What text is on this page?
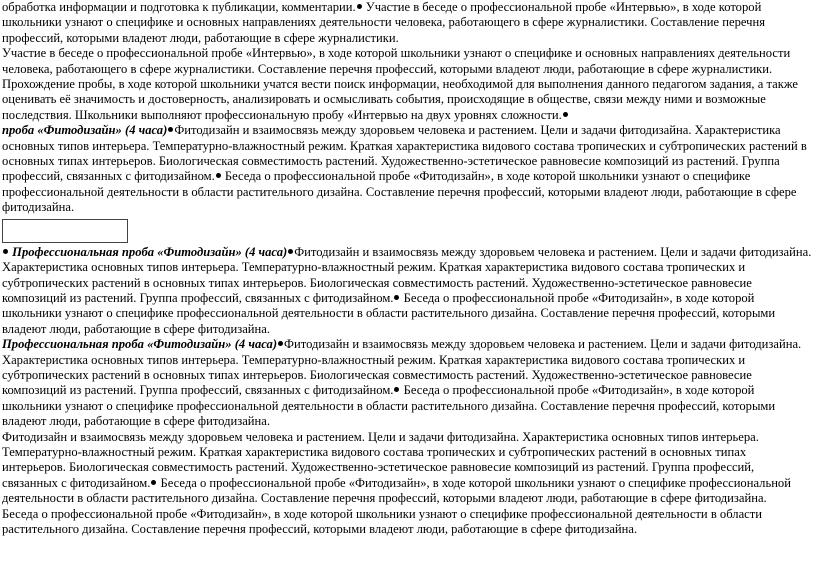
обработка информации и подготовка к публикации, комментарии. Участие в беседе о профессиональной пробе «Интервью», в ходе которой школьники узнают о специфике и основных направлениях деятельности человека, работающего в сфере журналистики. Составление перечня профессий, которыми владеют люди, работающие в сфере журналистики.

Участие в беседе о профессиональной пробе «Интервью», в ходе которой школьники узнают о специфике и основных направлениях деятельности человека, работающего в сфере журналистики. Составление перечня профессий, которыми владеют люди, работающие в сфере журналистики.

Прохождение пробы, в ходе которой школьники учатся вести поиск информации, необходимой для выполнения данного педагогом задания, а также оценивать её значимость и достоверность, анализировать и осмысливать события, происходящие в обществе, связи между ними и возможные последствия. Школьники выполняют профессиональную пробу «Интервью на двух уровнях сложности.

проба «Фитодизайн» (4 часа) Фитодизайн и взаимосвязь между здоровьем человека и растением. Цели и задачи фитодизайна. Характеристика основных типов интерьера. Температурно-влажностный режим. Краткая характеристика видового состава тропических и субтропических растений в основных типах интерьеров. Биологическая совместимость растений. Художественно-эстетическое равновесие композиций из растений. Группа профессий, связанных с фитодизайном. Беседа о профессиональной пробе «Фитодизайн», в ходе которой школьники узнают о специфике профессиональной деятельности в области растительного дизайна. Составление перечня профессий, которыми владеют люди, работающие в сфере фитодизайна.

Профессиональная проба «Фитодизайн» (4 часа) Фитодизайн и взаимосвязь между здоровьем человека и растением. Цели и задачи фитодизайна. Характеристика основных типов интерьера. Температурно-влажностный режим. Краткая характеристика видового состава тропических и субтропических растений в основных типах интерьеров. Биологическая совместимость растений. Художественно-эстетическое равновесие композиций из растений. Группа профессий, связанных с фитодизайном. Беседа о профессиональной пробе «Фитодизайн», в ходе которой школьники узнают о специфике профессиональной деятельности в области растительного дизайна. Составление перечня профессий, которыми владеют люди, работающие в сфере фитодизайна.

Профессиональная проба «Фитодизайн» (4 часа) Фитодизайн и взаимосвязь между здоровьем человека и растением. Цели и задачи фитодизайна. Характеристика основных типов интерьера. Температурно-влажностный режим. Краткая характеристика видового состава тропических и субтропических растений в основных типах интерьеров. Биологическая совместимость растений. Художественно-эстетическое равновесие композиций из растений. Группа профессий, связанных с фитодизайном. Беседа о профессиональной пробе «Фитодизайн», в ходе которой школьники узнают о специфике профессиональной деятельности в области растительного дизайна. Составление перечня профессий, которыми владеют люди, работающие в сфере фитодизайна.

Фитодизайн и взаимосвязь между здоровьем человека и растением. Цели и задачи фитодизайна. Характеристика основных типов интерьера. Температурно-влажностный режим. Краткая характеристика видового состава тропических и субтропических растений в основных типах интерьеров. Биологическая совместимость растений. Художественно-эстетическое равновесие композиций из растений. Группа профессий, связанных с фитодизайном. Беседа о профессиональной пробе «Фитодизайн», в ходе которой школьники узнают о специфике профессиональной деятельности в области растительного дизайна. Составление перечня профессий, которыми владеют люди, работающие в сфере фитодизайна.

Беседа о профессиональной пробе «Фитодизайн», в ходе которой школьники узнают о специфике профессиональной деятельности в области растительного дизайна. Составление перечня профессий, которыми владеют люди, работающие в сфере фитодизайна.
